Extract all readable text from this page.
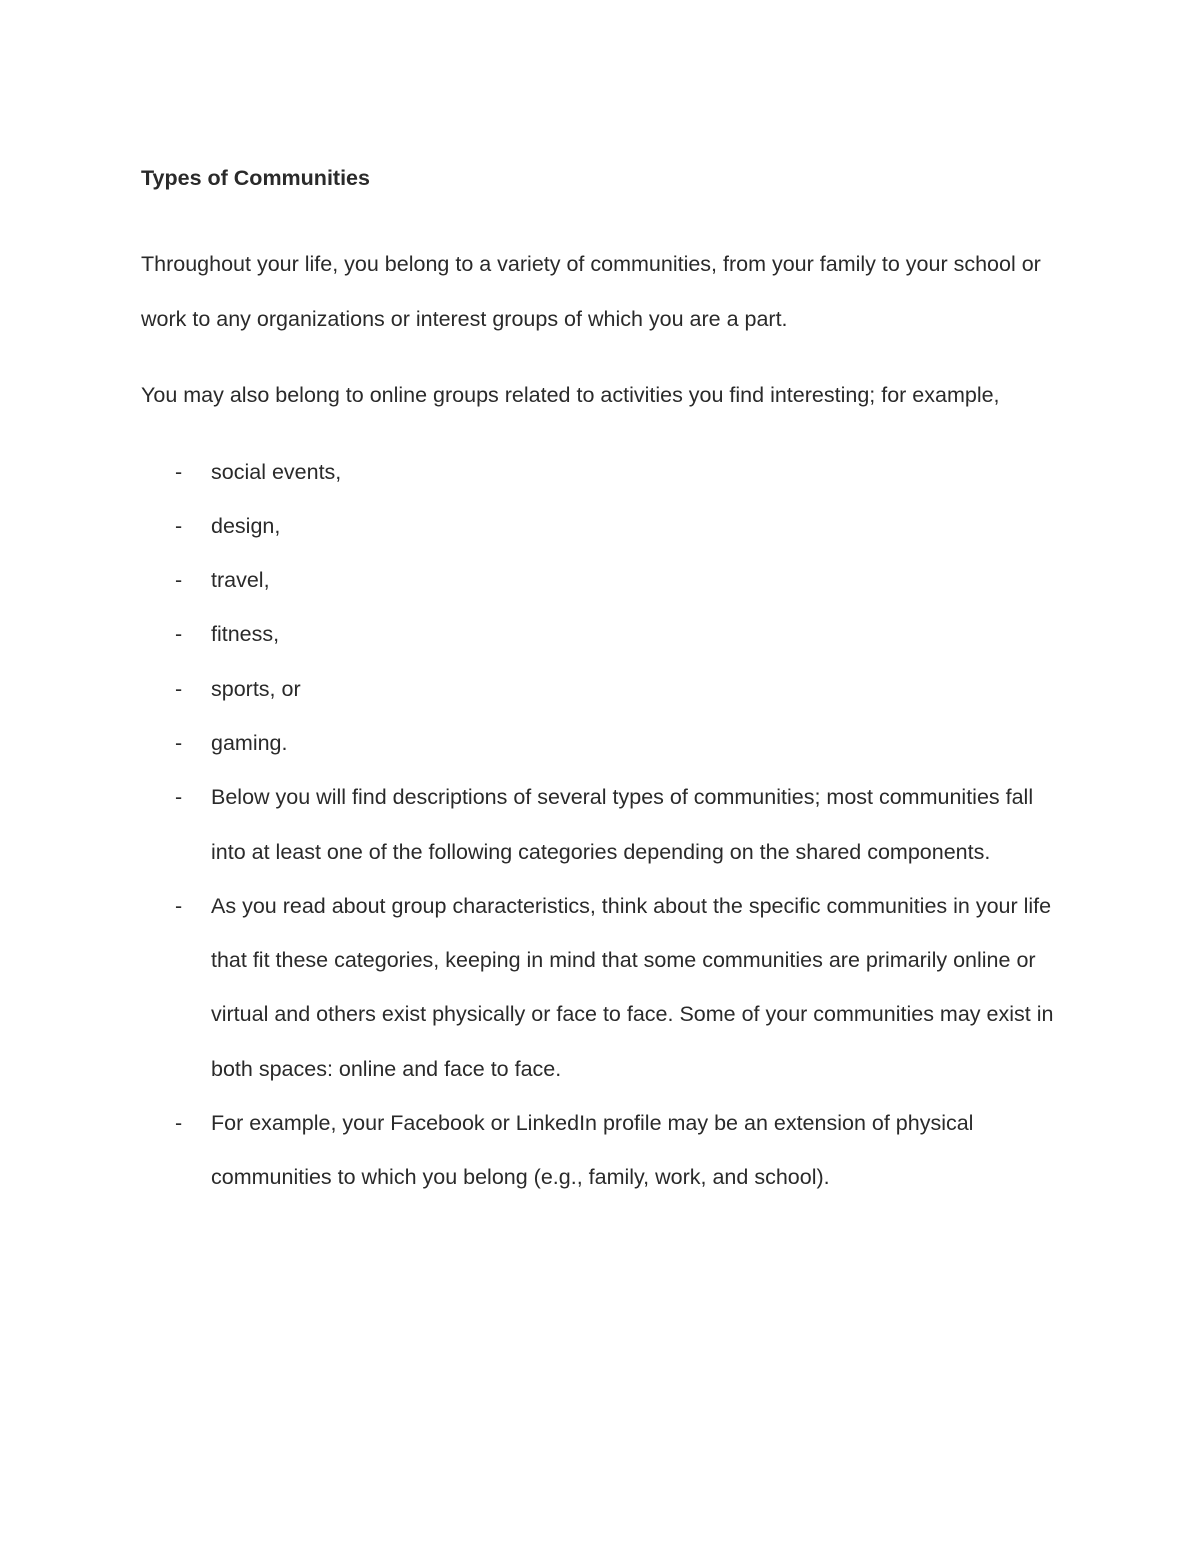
Types of Communities

Throughout your life, you belong to a variety of communities, from your family to your school or work to any organizations or interest groups of which you are a part.

You may also belong to online groups related to activities you find interesting; for example,

-	social events,
-	design,
-	travel,
-	fitness,
-	sports, or
-	gaming.
-	Below you will find descriptions of several types of communities; most communities fall into at least one of the following categories depending on the shared components.
-	As you read about group characteristics, think about the specific communities in your life that fit these categories, keeping in mind that some communities are primarily online or virtual and others exist physically or face to face. Some of your communities may exist in both spaces: online and face to face.
-	For example, your Facebook or LinkedIn profile may be an extension of physical communities to which you belong (e.g., family, work, and school).
